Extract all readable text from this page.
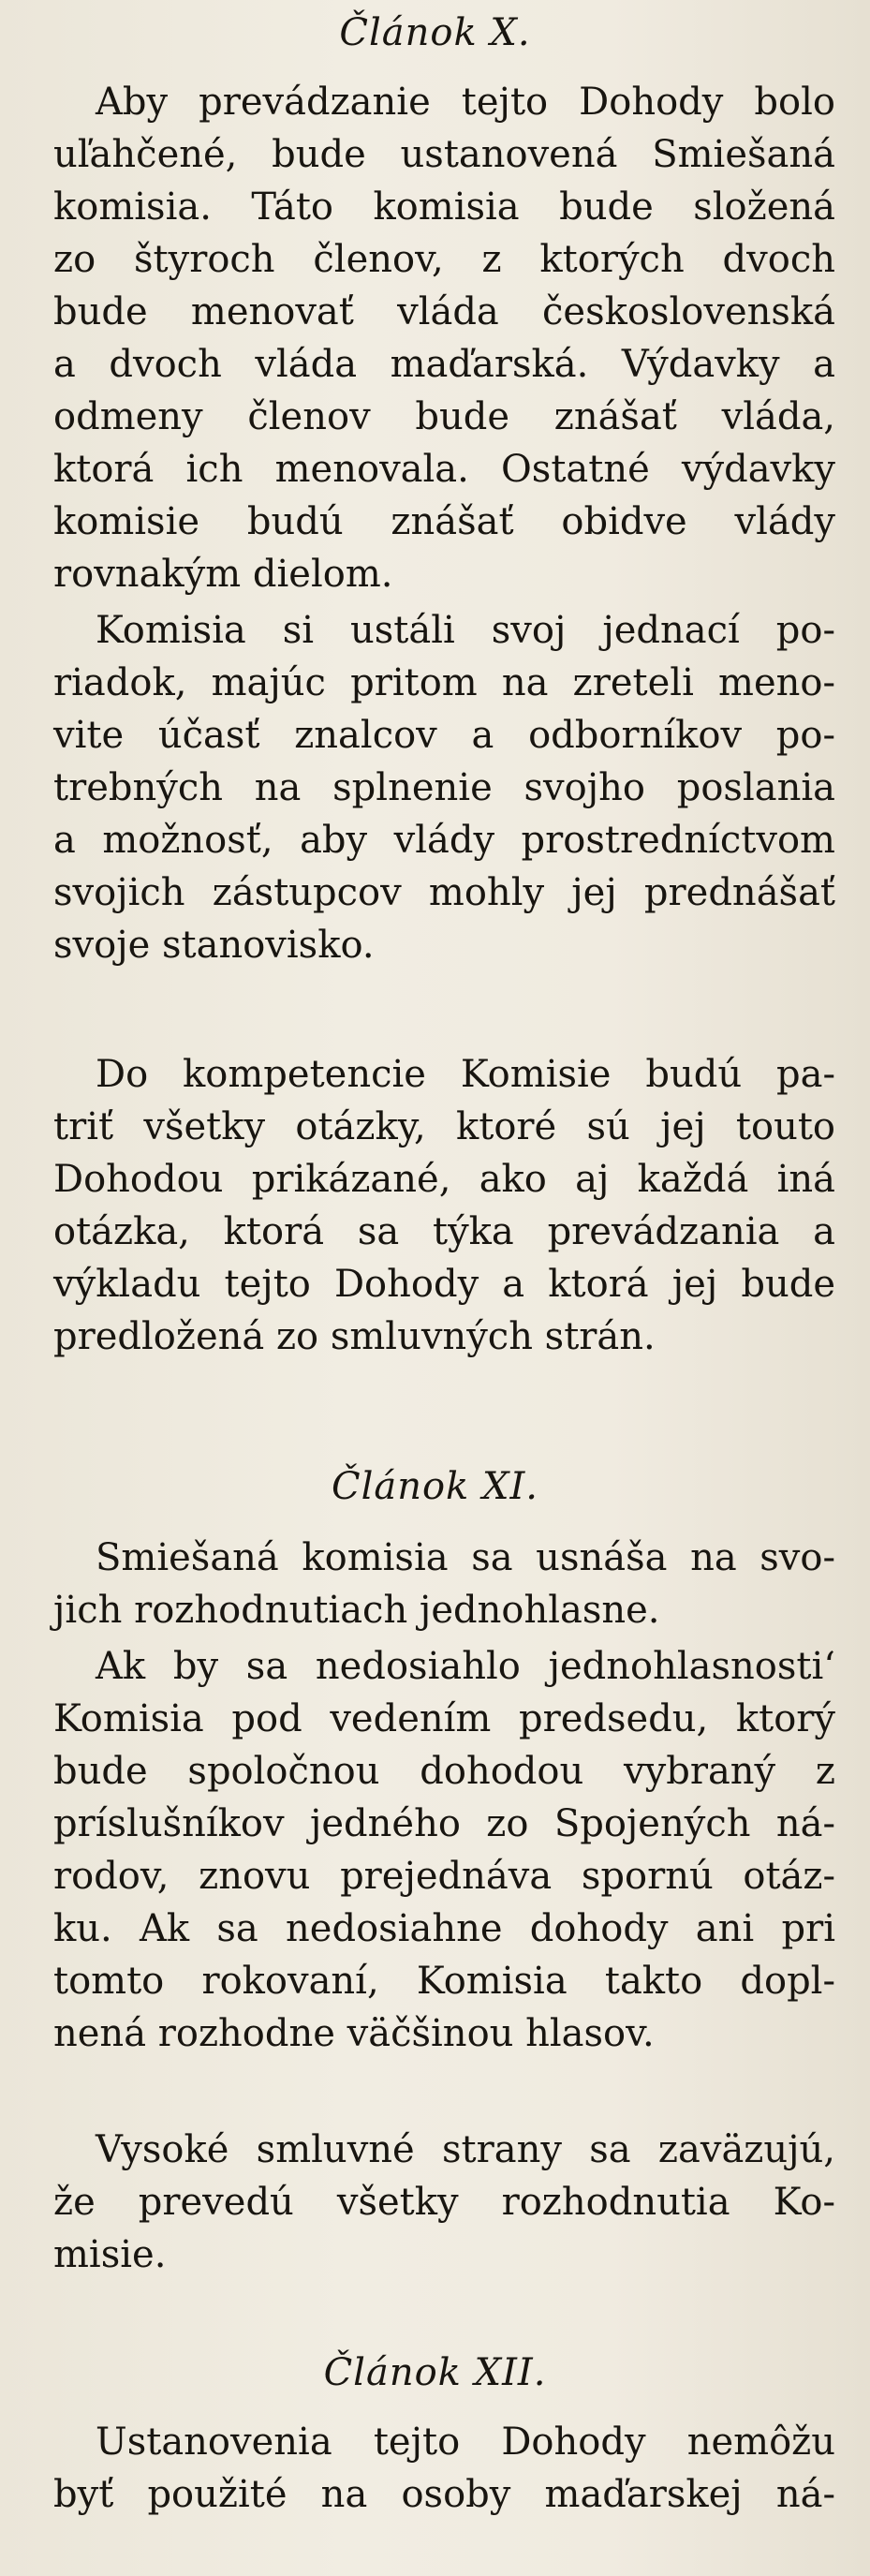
Článok X.
Aby prevádzanie tejto Dohody bolo
uľahčené, bude ustanovená Smiešaná
komisia. Táto komisia bude složená
zo štyroch členov, z ktorých dvoch
bude menovať vláda československá
a dvoch vláda maďarská. Výdavky a
odmeny členov bude znášať vláda,
ktorá ich menovala. Ostatné výdavky
komisie budú znášať obidve vlády
rovnakým dielom.
Komisia si ustáli svoj jednací po-
riadok, majúc pritom na zreteli meno-
vite účasť znalcov a odborníkov po-
trebných na splnenie svojho poslania
a možnosť, aby vlády prostredníctvom
svojich zástupcov mohly jej prednášať
svoje stanovisko.
Do kompetencie Komisie budú pa-
triť všetky otázky, ktoré sú jej touto
Dohodou prikázané, ako aj každá iná
otázka, ktorá sa týka prevádzania a
výkladu tejto Dohody a ktorá jej bude
predložená zo smluvných strán.
Článok XI.
Smiešaná komisia sa usnáša na svo-
jich rozhodnutiach jednohlasne.
Ak by sa nedosiahlo jednohlasnosti‘
Komisia pod vedením predsedu, ktorý
bude spoločnou dohodou vybraný z
príslušníkov jedného zo Spojených ná-
rodov, znovu prejednáva spornú otáz-
ku. Ak sa nedosiahne dohody ani pri
tomto rokovaní, Komisia takto dopl-
nená rozhodne väčšinou hlasov.
Vysoké smluvné strany sa zaväzujú,
že prevedú všetky rozhodnutia Ko-
misie.
Článok XII.
Ustanovenia tejto Dohody nemôžu
byť použité na osoby maďarskej ná-
